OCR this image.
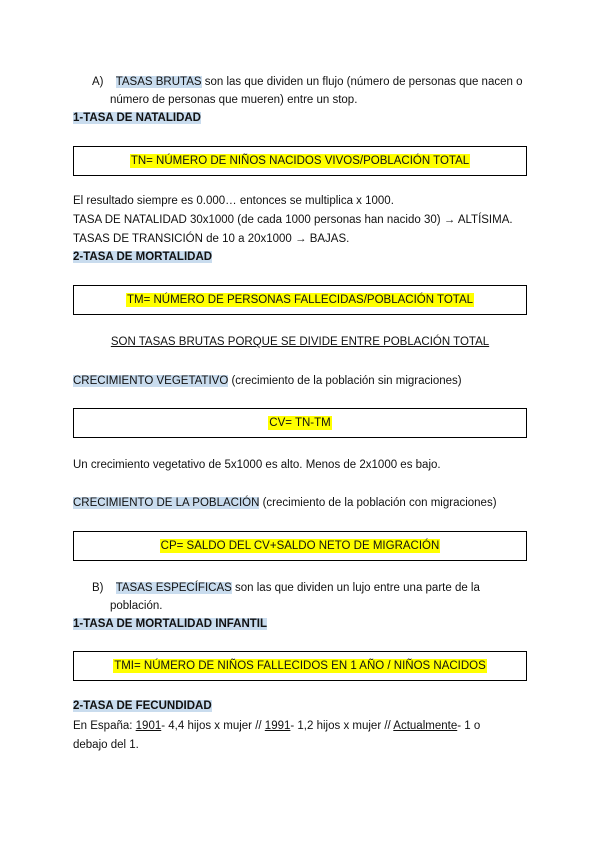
A) TASAS BRUTAS son las que dividen un flujo (número de personas que nacen o
número de personas que mueren) entre un stop.
1-TASA DE NATALIDAD
TN= NÚMERO DE NIÑOS NACIDOS VIVOS/POBLACIÓN TOTAL
El resultado siempre es 0.000… entonces se multiplica x 1000.
TASA DE NATALIDAD 30x1000 (de cada 1000 personas han nacido 30) → ALTÍSIMA.
TASAS DE TRANSICIÓN de 10 a 20x1000 → BAJAS.
2-TASA DE MORTALIDAD
TM= NÚMERO DE PERSONAS FALLECIDAS/POBLACIÓN TOTAL
SON TASAS BRUTAS PORQUE SE DIVIDE ENTRE POBLACIÓN TOTAL
CRECIMIENTO VEGETATIVO (crecimiento de la población sin migraciones)
CV= TN-TM
Un crecimiento vegetativo de 5x1000 es alto. Menos de 2x1000 es bajo.
CRECIMIENTO DE LA POBLACIÓN (crecimiento de la población con migraciones)
CP= SALDO DEL CV+SALDO NETO DE MIGRACIÓN
B) TASAS ESPECÍFICAS son las que dividen un lujo entre una parte de la
población.
1-TASA DE MORTALIDAD INFANTIL
TMI= NÚMERO DE NIÑOS FALLECIDOS EN 1 AÑO / NIÑOS NACIDOS
2-TASA DE FECUNDIDAD
En España: 1901- 4,4 hijos x mujer // 1991- 1,2 hijos x mujer // Actualmente- 1 o
debajo del 1.
